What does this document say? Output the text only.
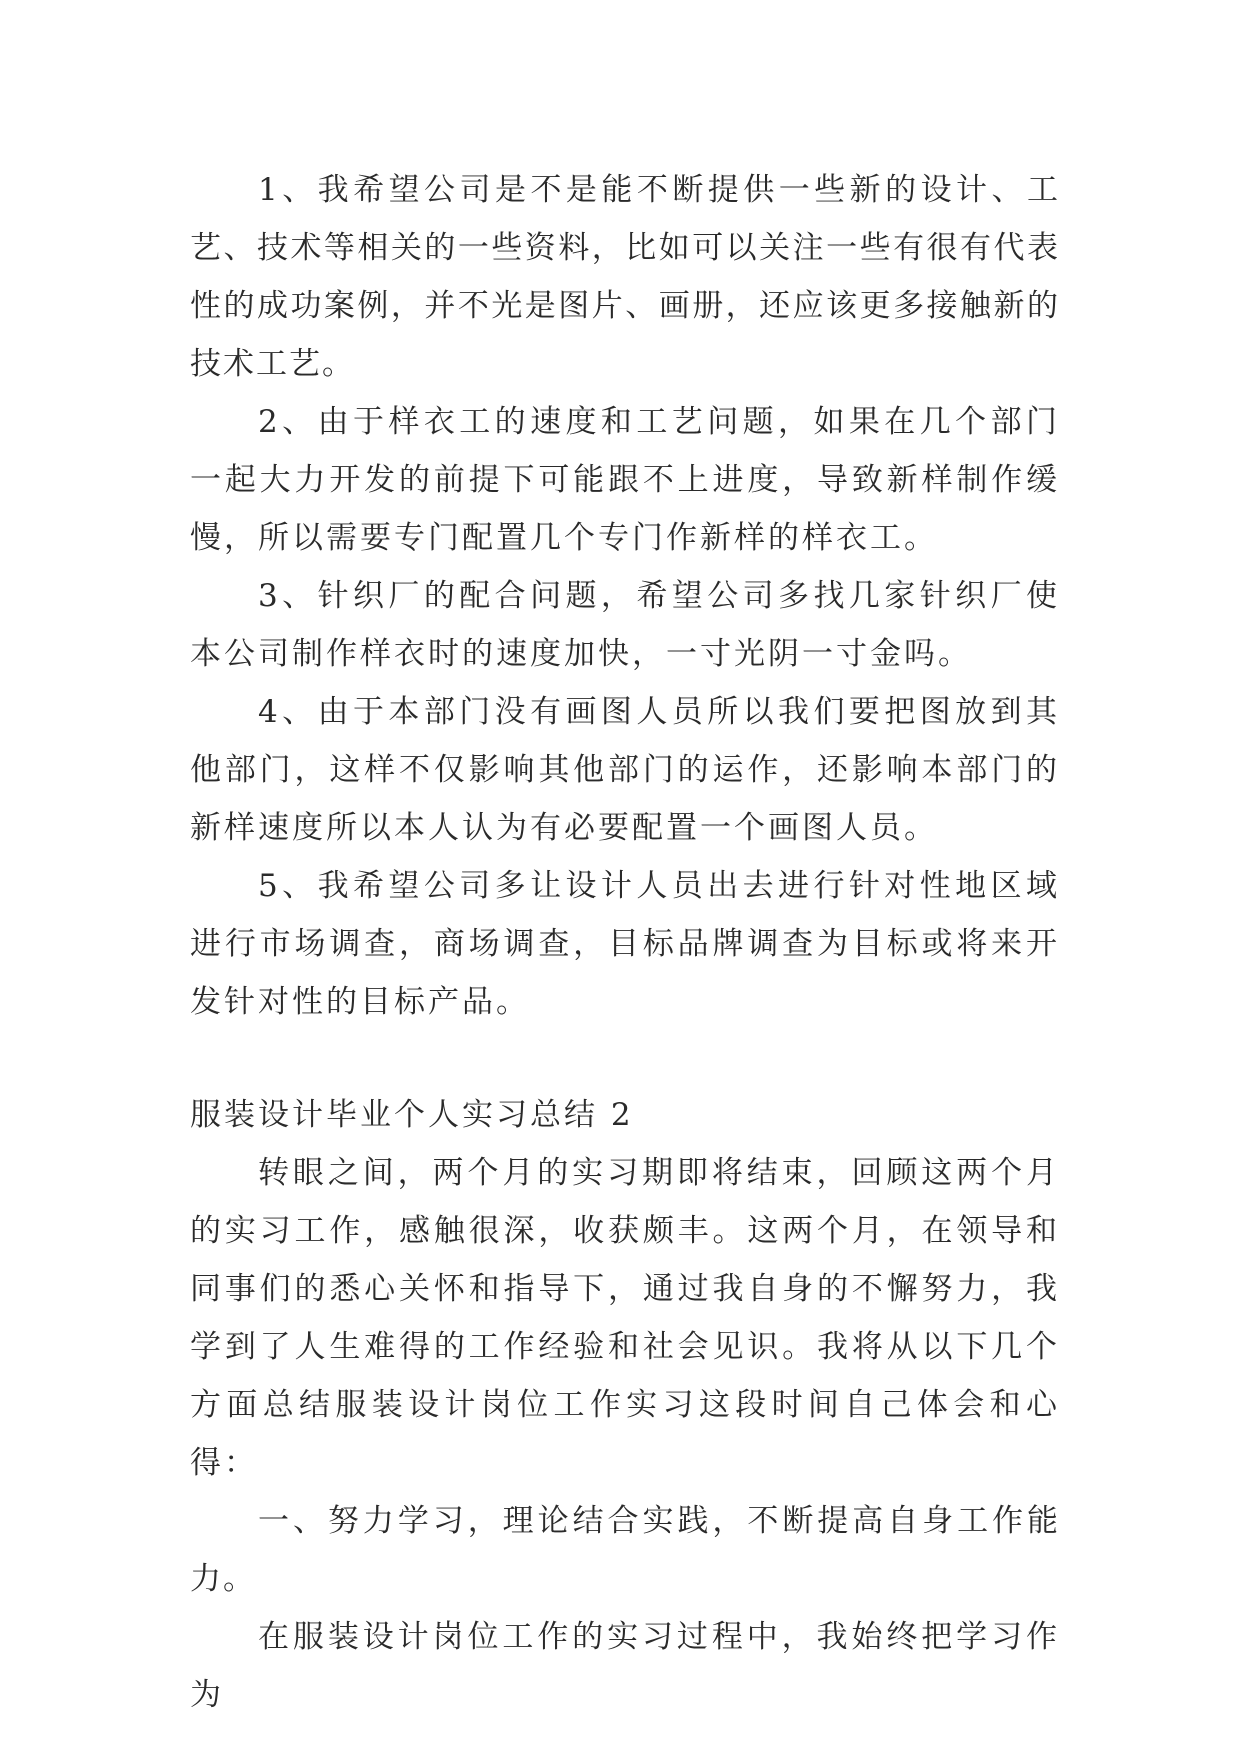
1、我希望公司是不是能不断提供一些新的设计、工艺、技术等相关的一些资料，比如可以关注一些有很有代表性的成功案例，并不光是图片、画册，还应该更多接触新的技术工艺。

2、由于样衣工的速度和工艺问题，如果在几个部门一起大力开发的前提下可能跟不上进度，导致新样制作缓慢，所以需要专门配置几个专门作新样的样衣工。

3、针织厂的配合问题，希望公司多找几家针织厂使本公司制作样衣时的速度加快，一寸光阴一寸金吗。

4、由于本部门没有画图人员所以我们要把图放到其他部门，这样不仅影响其他部门的运作，还影响本部门的新样速度所以本人认为有必要配置一个画图人员。

5、我希望公司多让设计人员出去进行针对性地区域进行市场调查，商场调查，目标品牌调查为目标或将来开发针对性的目标产品。

服装设计毕业个人实习总结 2

转眼之间，两个月的实习期即将结束，回顾这两个月的实习工作，感触很深，收获颇丰。这两个月，在领导和同事们的悉心关怀和指导下，通过我自身的不懈努力，我学到了人生难得的工作经验和社会见识。我将从以下几个方面总结服装设计岗位工作实习这段时间自己体会和心得：

一、努力学习，理论结合实践，不断提高自身工作能力。

在服装设计岗位工作的实习过程中，我始终把学习作为
